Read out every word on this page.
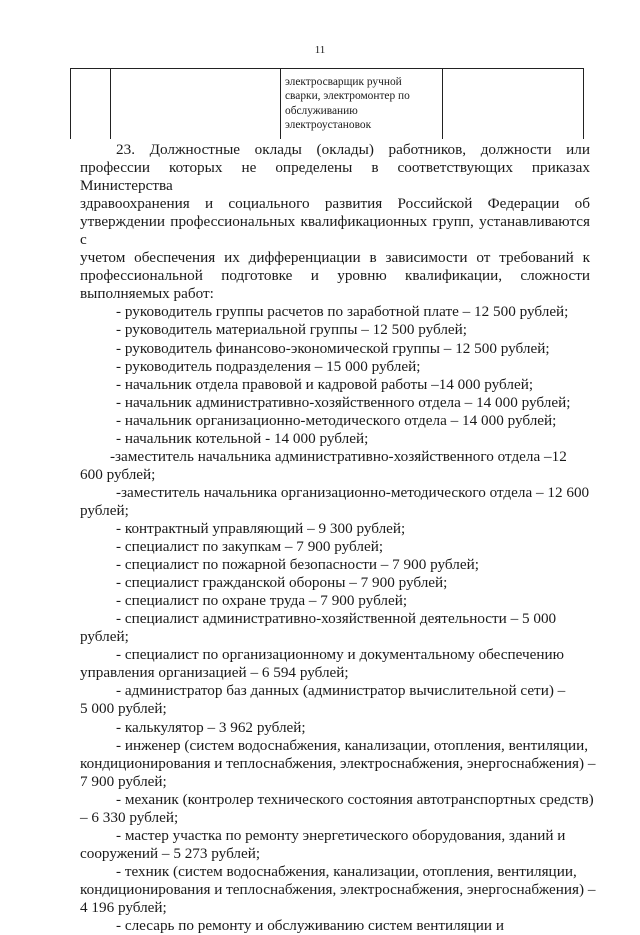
11
электросварщик ручной
сварки, электромонтер по
обслуживанию
электроустановок
23. Должностные оклады (оклады) работников, должности или
профессии которых не определены в соответствующих приказах Министерства
здравоохранения и социального развития Российской Федерации об
утверждении профессиональных квалификационных групп, устанавливаются с
учетом обеспечения их дифференциации в зависимости от требований к
профессиональной подготовке и уровню квалификации, сложности
выполняемых работ:
- руководитель группы расчетов по заработной плате – 12 500 рублей;
- руководитель материальной группы – 12 500 рублей;
- руководитель финансово-экономической группы – 12 500 рублей;
- руководитель подразделения – 15 000 рублей;
- начальник отдела правовой и кадровой работы –14 000 рублей;
- начальник административно-хозяйственного отдела – 14 000 рублей;
- начальник организационно-методического отдела – 14 000 рублей;
- начальник котельной - 14 000 рублей;
-заместитель начальника административно-хозяйственного отдела –12
600 рублей;
-заместитель начальника организационно-методического отдела – 12 600
рублей;
- контрактный управляющий – 9 300 рублей;
- специалист по закупкам – 7 900 рублей;
- специалист по пожарной безопасности – 7 900 рублей;
- специалист гражданской обороны – 7 900 рублей;
- специалист по охране труда – 7 900 рублей;
- специалист административно-хозяйственной деятельности – 5 000
рублей;
- специалист по организационному и документальному обеспечению
управления организацией – 6 594 рублей;
- администратор баз данных (администратор вычислительной сети) –
5 000 рублей;
- калькулятор – 3 962 рублей;
- инженер (систем водоснабжения, канализации, отопления, вентиляции,
кондиционирования и теплоснабжения, электроснабжения, энергоснабжения) –
7 900 рублей;
- механик (контролер технического состояния автотранспортных средств)
– 6 330 рублей;
- мастер участка по ремонту энергетического оборудования, зданий и
сооружений – 5 273 рублей;
- техник (систем водоснабжения, канализации, отопления, вентиляции,
кондиционирования и теплоснабжения, электроснабжения, энергоснабжения) –
4 196 рублей;
- слесарь по ремонту и обслуживанию систем вентиляции и
